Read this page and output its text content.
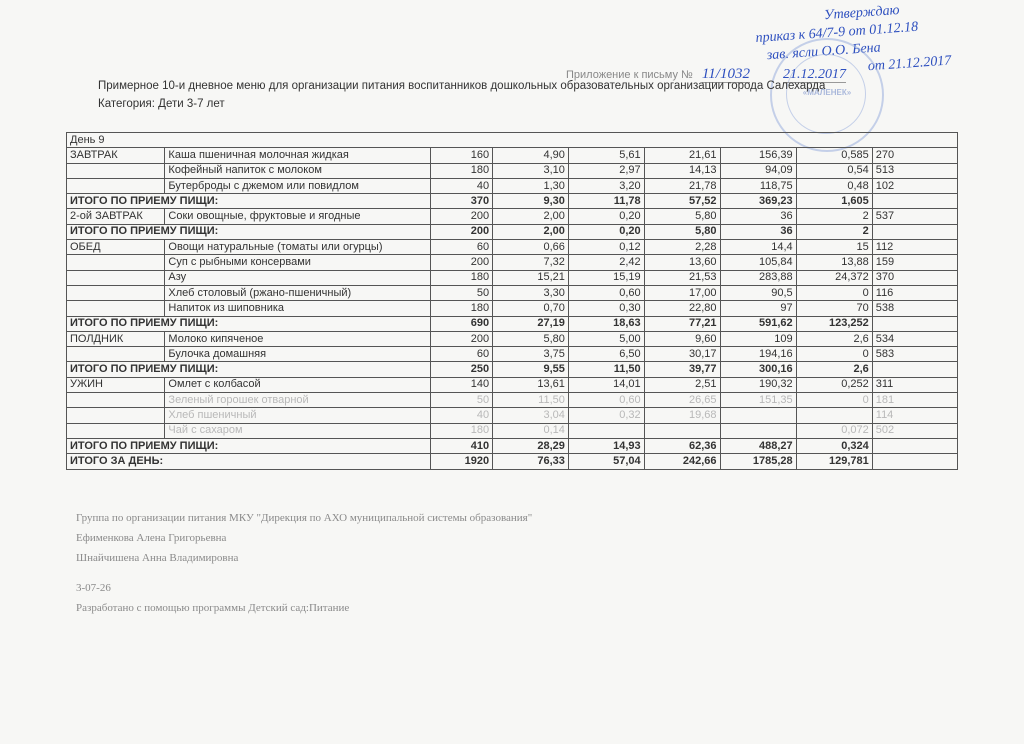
Утверждаю
приказ к 64/7-9 от 01.12.18
зав. ясли О.О. Бена
от 21.12.2017
«МАЛЕНЕК»
Приложение к письму № 11/1032 21.12.2017
Примерное 10-и дневное меню для организации питания воспитанников дошкольных образовательных организации города Салехарда
Категория: Дети 3-7 лет
День 9								
ЗАВТРАК	Каша пшеничная молочная жидкая	160	4,90	5,61	21,61	156,39	0,585	270
	Кофейный напиток с молоком	180	3,10	2,97	14,13	94,09	0,54	513
	Бутерброды с джемом или повидлом	40	1,30	3,20	21,78	118,75	0,48	102
ИТОГО ПО ПРИЕМУ ПИЩИ:		370	9,30	11,78	57,52	369,23	1,605	
2-ой ЗАВТРАК	Соки овощные, фруктовые и ягодные	200	2,00	0,20	5,80	36	2	537
ИТОГО ПО ПРИЕМУ ПИЩИ:		200	2,00	0,20	5,80	36	2	
ОБЕД	Овощи натуральные (томаты или огурцы)	60	0,66	0,12	2,28	14,4	15	112
	Суп с рыбными консервами	200	7,32	2,42	13,60	105,84	13,88	159
	Азу	180	15,21	15,19	21,53	283,88	24,372	370
	Хлеб столовый (ржано-пшеничный)	50	3,30	0,60	17,00	90,5	0	116
	Напиток из шиповника	180	0,70	0,30	22,80	97	70	538
ИТОГО ПО ПРИЕМУ ПИЩИ:		690	27,19	18,63	77,21	591,62	123,252	
ПОЛДНИК	Молоко кипяченое	200	5,80	5,00	9,60	109	2,6	534
	Булочка домашняя	60	3,75	6,50	30,17	194,16	0	583
ИТОГО ПО ПРИЕМУ ПИЩИ:		250	9,55	11,50	39,77	300,16	2,6	
УЖИН	Омлет с колбасой	140	13,61	14,01	2,51	190,32	0,252	311
	Зеленый горошек отварной	50	11,50	0,60	26,65	151,35	0	181
	Хлеб пшеничный	40	3,04	0,32	19,68			114
	Чай с сахаром	180	0,14				0,072	502
ИТОГО ПО ПРИЕМУ ПИЩИ:		410	28,29	14,93	62,36	488,27	0,324	
ИТОГО ЗА ДЕНЬ:		1920	76,33	57,04	242,66	1785,28	129,781	
Группа по организации питания МКУ "Дирекция по АХО муниципальной системы образования"
Ефименкова Алена Григорьевна
Шнайчишена Анна Владимировна
3-07-26
Разработано с помощью программы Детский сад:Питание
